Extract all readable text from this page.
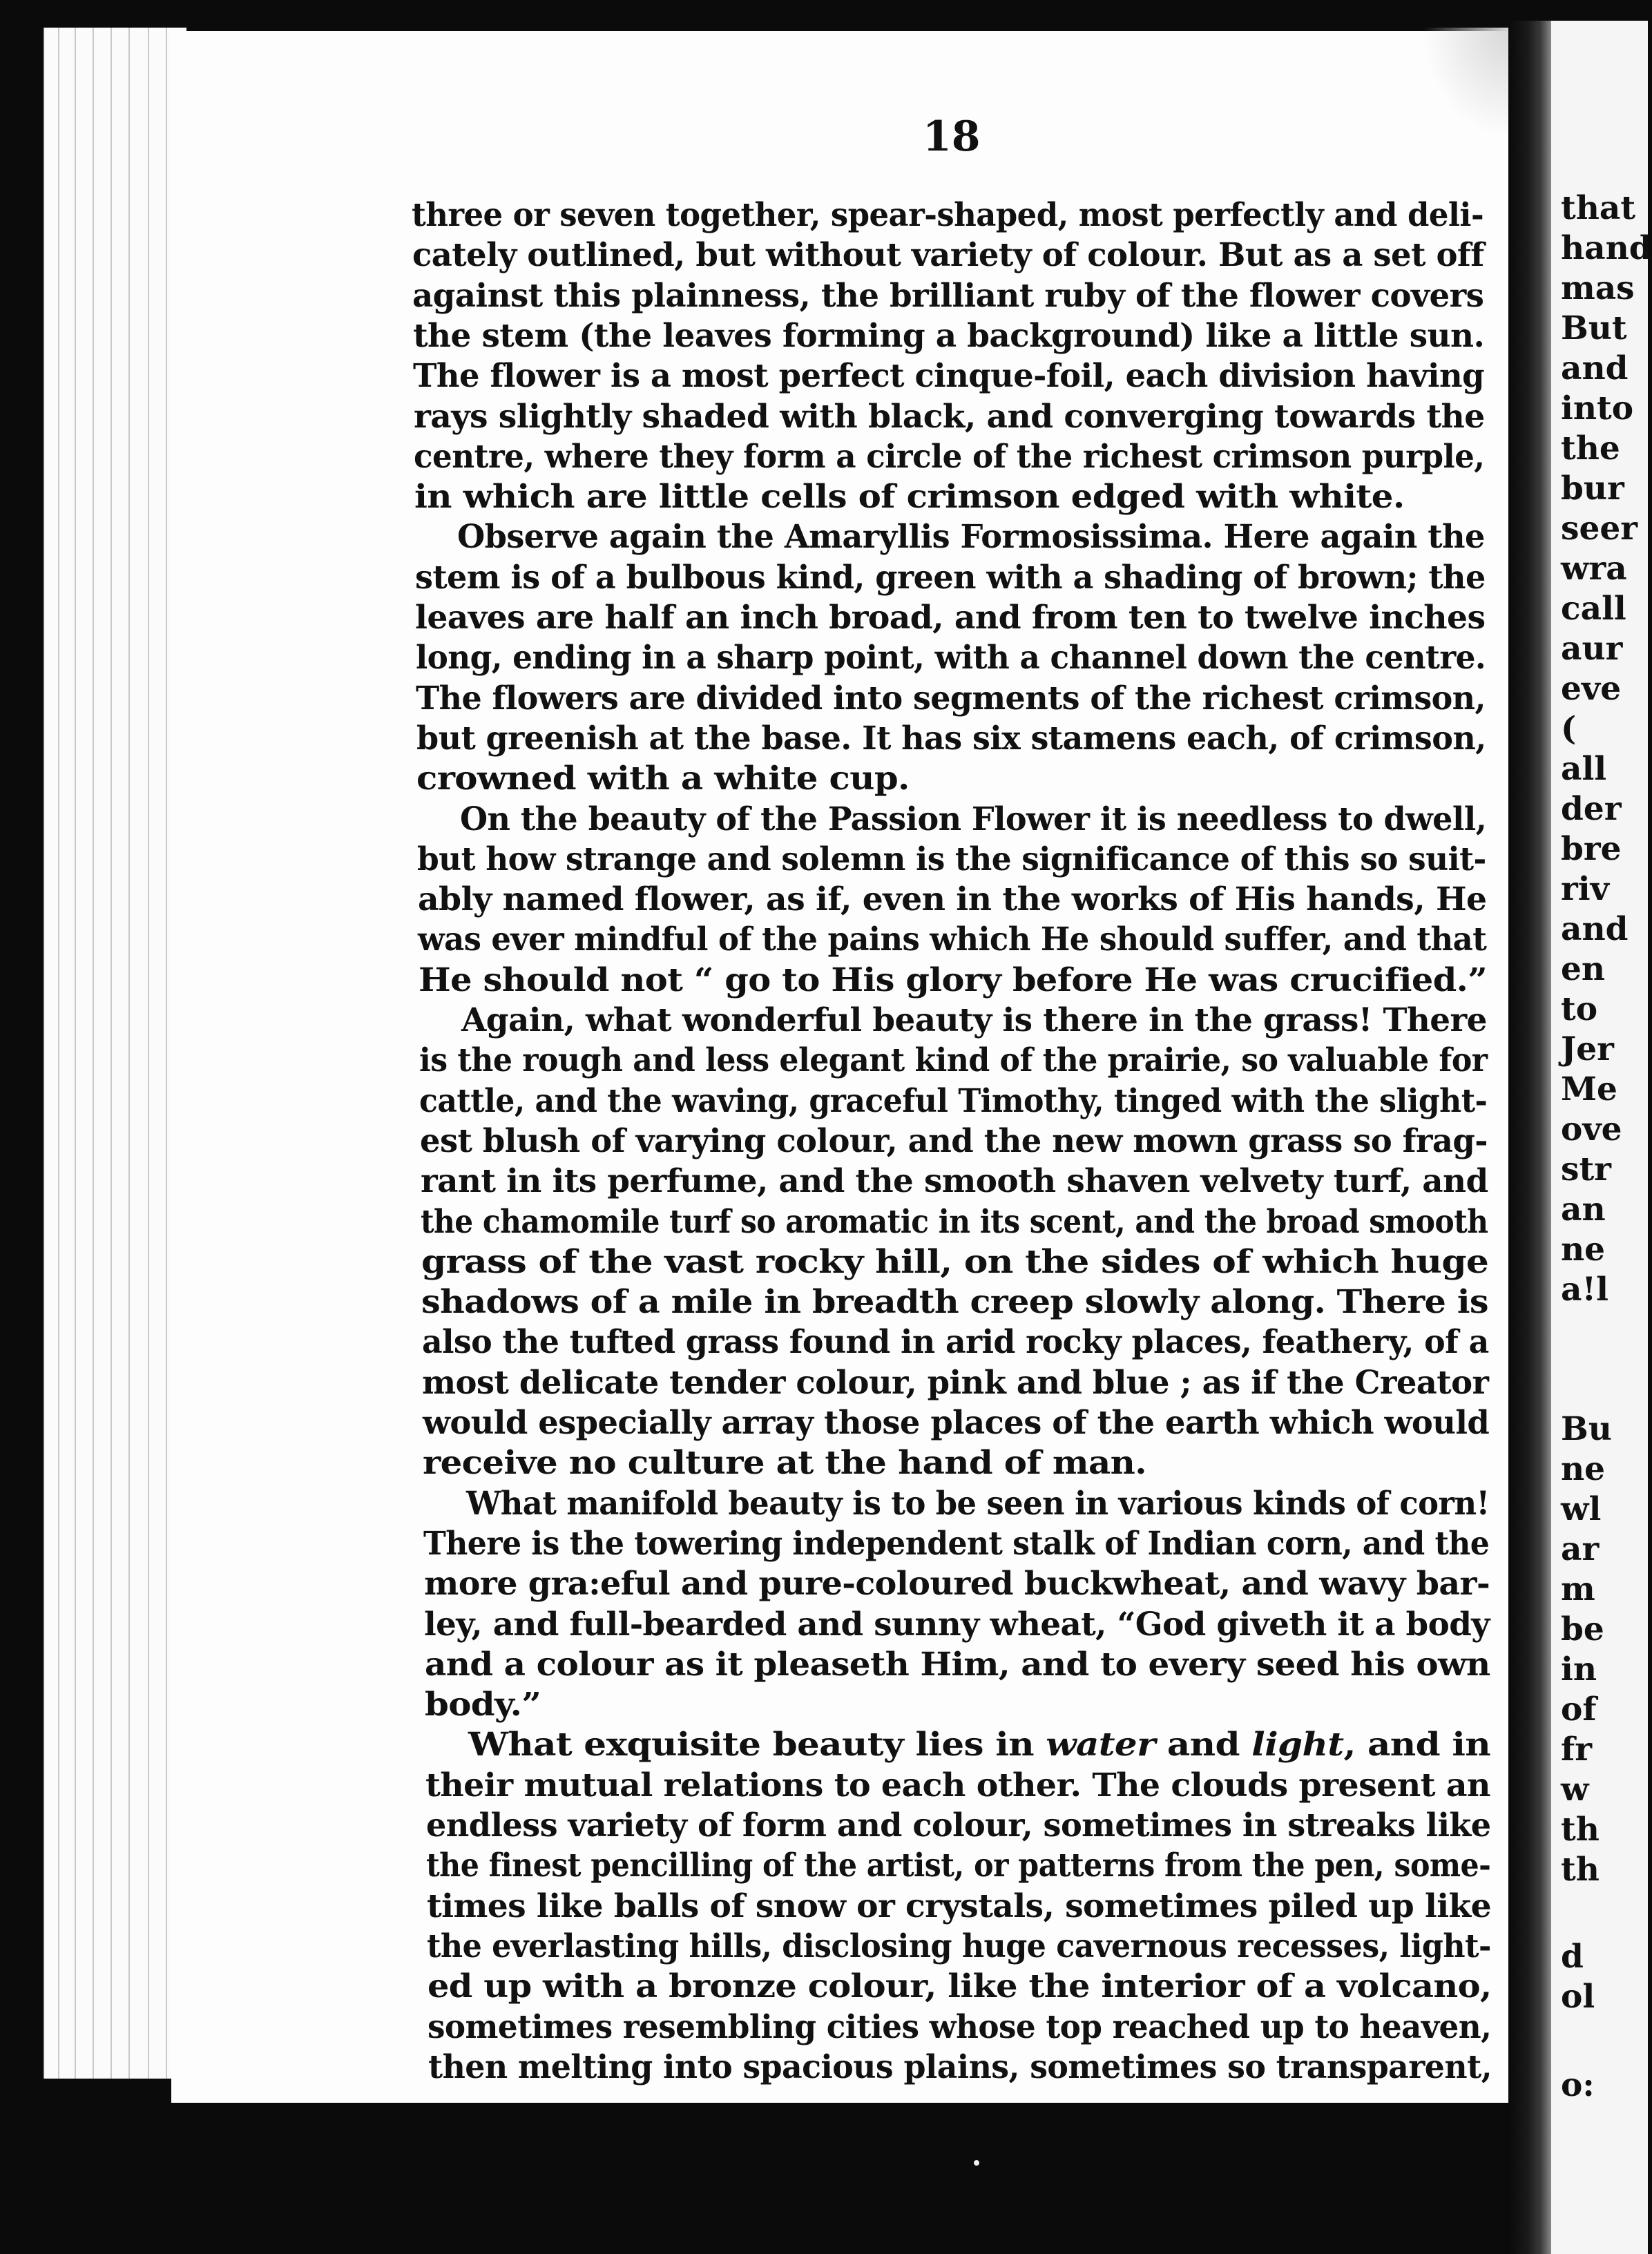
that

hand

mas

But

and

into

the

bur

seer

wra

call

aur

eve

(

all

der

bre

riv

and

en

to

Jer

Me

ove

str

an

ne

a!l

Bu

ne

wl

ar

m

be

in

of

fr

w

th

th

d

ol

o:

18

three or seven together, spear-shaped, most perfectly and deli-

cately outlined, but without variety of colour. But as a set off

against this plainness, the brilliant ruby of the flower covers

the stem (the leaves forming a background) like a little sun.

The flower is a most perfect cinque-foil, each division having

rays slightly shaded with black, and converging towards the

centre, where they form a circle of the richest crimson purple,

in which are little cells of crimson edged with white.

Observe again the Amaryllis Formosissima. Here again the

stem is of a bulbous kind, green with a shading of brown; the

leaves are half an inch broad, and from ten to twelve inches

long, ending in a sharp point, with a channel down the centre.

The flowers are divided into segments of the richest crimson,

but greenish at the base. It has six stamens each, of crimson,

crowned with a white cup.

On the beauty of the Passion Flower it is needless to dwell,

but how strange and solemn is the significance of this so suit-

ably named flower, as if, even in the works of His hands, He

was ever mindful of the pains which He should suffer, and that

He should not “ go to His glory before He was crucified.”

Again, what wonderful beauty is there in the grass! There

is the rough and less elegant kind of the prairie, so valuable for

cattle, and the waving, graceful Timothy, tinged with the slight-

est blush of varying colour, and the new mown grass so frag-

rant in its perfume, and the smooth shaven velvety turf, and

the chamomile turf so aromatic in its scent, and the broad smooth

grass of the vast rocky hill, on the sides of which huge

shadows of a mile in breadth creep slowly along. There is

also the tufted grass found in arid rocky places, feathery, of a

most delicate tender colour, pink and blue ; as if the Creator

would especially array those places of the earth which would

receive no culture at the hand of man.

What manifold beauty is to be seen in various kinds of corn!

There is the towering independent stalk of Indian corn, and the

more gra:eful and pure-coloured buckwheat, and wavy bar-

ley, and full-bearded and sunny wheat, “God giveth it a body

and a colour as it pleaseth Him, and to every seed his own

body.”

What exquisite beauty lies in water and light, and in

their mutual relations to each other. The clouds present an

endless variety of form and colour, sometimes in streaks like

the finest pencilling of the artist, or patterns from the pen, some-

times like balls of snow or crystals, sometimes piled up like

the everlasting hills, disclosing huge cavernous recesses, light-

ed up with a bronze colour, like the interior of a volcano,

sometimes resembling cities whose top reached up to heaven,

then melting into spacious plains, sometimes so transparent,
